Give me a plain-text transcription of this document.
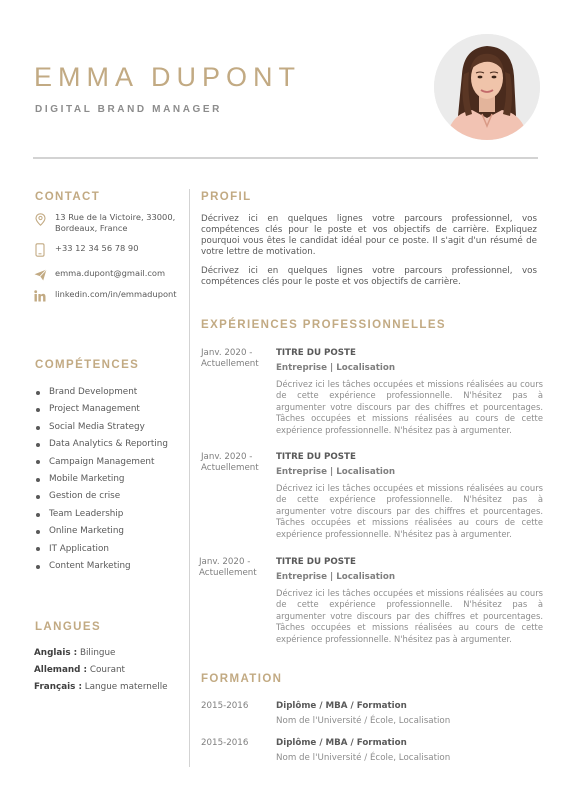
EMMA DUPONT
DIGITAL BRAND MANAGER
CONTACT
13 Rue de la Victoire, 33000,
Bordeaux, France
+33 12 34 56 78 90
emma.dupont@gmail.com
linkedin.com/in/emmadupont
COMPÉTENCES
Brand Development
Project Management
Social Media Strategy
Data Analytics & Reporting
Campaign Management
Mobile Marketing
Gestion de crise
Team Leadership
Online Marketing
IT Application
Content Marketing
LANGUES
Anglais : Bilingue
Allemand : Courant
Français : Langue maternelle
PROFIL
Décrivez ici en quelques lignes votre parcours professionnel, vos compétences clés pour le poste et vos objectifs de carrière. Expliquez pourquoi vous êtes le candidat idéal pour ce poste. Il s'agit d'un résumé de votre lettre de motivation.
Décrivez ici en quelques lignes votre parcours professionnel, vos compétences clés pour le poste et vos objectifs de carrière.
EXPÉRIENCES PROFESSIONNELLES
Janv. 2020 -
Actuellement
TITRE DU POSTE
Entreprise | Localisation
Décrivez ici les tâches occupées et missions réalisées au cours de cette expérience professionnelle. N'hésitez pas à argumenter votre discours par des chiffres et pourcentages. Tâches occupées et missions réalisées au cours de cette expérience professionnelle. N'hésitez pas à argumenter.
Janv. 2020 -
Actuellement
TITRE DU POSTE
Entreprise | Localisation
Décrivez ici les tâches occupées et missions réalisées au cours de cette expérience professionnelle. N'hésitez pas à argumenter votre discours par des chiffres et pourcentages. Tâches occupées et missions réalisées au cours de cette expérience professionnelle. N'hésitez pas à argumenter.
Janv. 2020 -
Actuellement
TITRE DU POSTE
Entreprise | Localisation
Décrivez ici les tâches occupées et missions réalisées au cours de cette expérience professionnelle. N'hésitez pas à argumenter votre discours par des chiffres et pourcentages. Tâches occupées et missions réalisées au cours de cette expérience professionnelle. N'hésitez pas à argumenter.
FORMATION
2015-2016	Diplôme / MBA / Formation
Nom de l'Université / École, Localisation
2015-2016	Diplôme / MBA / Formation
Nom de l'Université / École, Localisation
